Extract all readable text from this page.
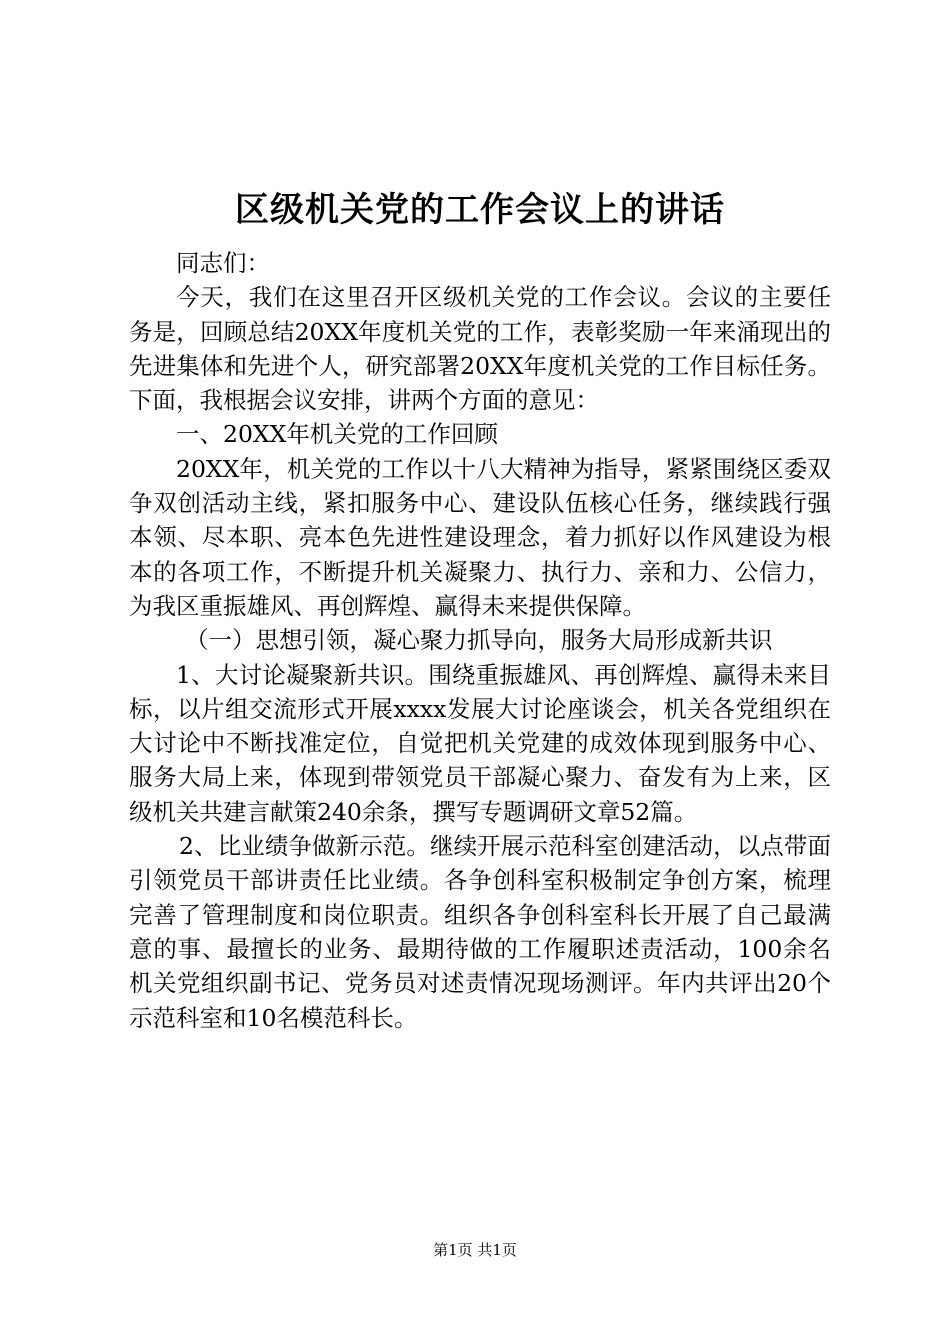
区级机关党的工作会议上的讲话

同志们：

今天，我们在这里召开区级机关党的工作会议。会议的主要任务是，回顾总结20XX年度机关党的工作，表彰奖励一年来涌现出的先进集体和先进个人，研究部署20XX年度机关党的工作目标任务。下面，我根据会议安排，讲两个方面的意见：

一、20XX年机关党的工作回顾

20XX年，机关党的工作以十八大精神为指导，紧紧围绕区委双争双创活动主线，紧扣服务中心、建设队伍核心任务，继续践行强本领、尽本职、亮本色先进性建设理念，着力抓好以作风建设为根本的各项工作，不断提升机关凝聚力、执行力、亲和力、公信力，为我区重振雄风、再创辉煌、赢得未来提供保障。

（一）思想引领，凝心聚力抓导向，服务大局形成新共识

1、大讨论凝聚新共识。围绕重振雄风、再创辉煌、赢得未来目标，以片组交流形式开展xxxx发展大讨论座谈会，机关各党组织在大讨论中不断找准定位，自觉把机关党建的成效体现到服务中心、服务大局上来，体现到带领党员干部凝心聚力、奋发有为上来，区级机关共建言献策240余条，撰写专题调研文章52篇。

2、比业绩争做新示范。继续开展示范科室创建活动，以点带面引领党员干部讲责任比业绩。各争创科室积极制定争创方案，梳理完善了管理制度和岗位职责。组织各争创科室科长开展了自己最满意的事、最擅长的业务、最期待做的工作履职述责活动，100余名机关党组织副书记、党务员对述责情况现场测评。年内共评出20个示范科室和10名模范科长。

第1页 共1页
